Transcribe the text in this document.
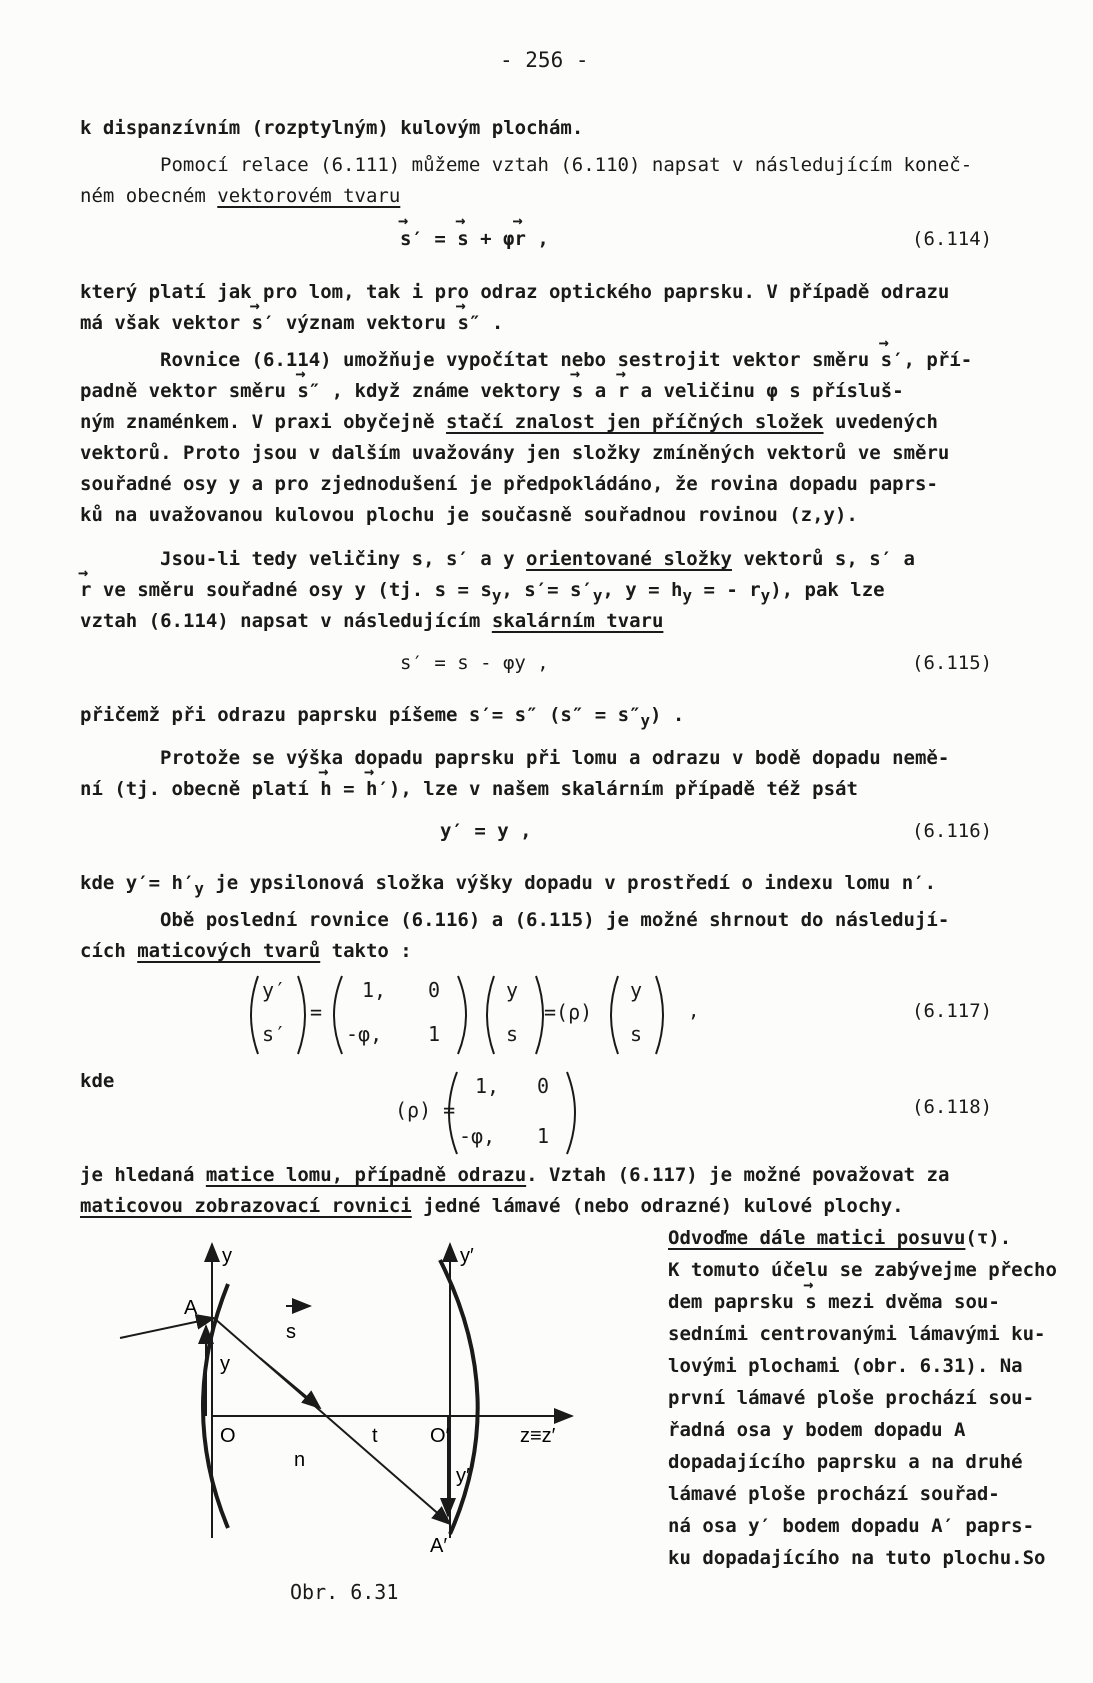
- 256 -
k dispanzívním (rozptylným) kulovým plochám.
Pomocí relace (6.111) můžeme vztah (6.110) napsat v následujícím koneč-
ném obecném vektorovém tvaru
→ s′ = → s + φ→ r ,	(6.114)
který platí jak pro lom, tak i pro odraz optického paprsku. V případě odrazu
má však vektor → s′ význam vektoru → s″ .
Rovnice (6.114) umožňuje vypočítat nebo sestrojit vektor směru → s′, pří-
padně vektor směru → s″ , když známe vektory → s a → r a veličinu φ s přísluš-
ným znaménkem. V praxi obyčejně stačí znalost jen příčných složek uvedených
vektorů. Proto jsou v dalším uvažovány jen složky zmíněných vektorů ve směru
souřadné osy y a pro zjednodušení je předpokládáno, že rovina dopadu paprs-
ků na uvažovanou kulovou plochu je současně souřadnou rovinou (z,y).
Jsou-li tedy veličiny s, s′ a y orientované složky vektorů s, s′ a
→ r ve směru souřadné osy y (tj. $s = s_y$, $s'= s'_y$, $y = h_y$ = - $r_y$), pak lze
vztah (6.114) napsat v následujícím skalárním tvaru
s′ = s - φy ,	(6.115)
přičemž při odrazu paprsku píšeme s′= s″ $(s'' = s''_y)$ .
Protože se výška dopadu paprsku při lomu a odrazu v bodě dopadu nemě-
ní (tj. obecně platí → h = → h′), lze v našem skalárním případě též psát
y′ = y ,	(6.116)
kde $y'= h'_y$ je ypsilonová složka výšky dopadu v prostředí o indexu lomu n′.
Obě poslední rovnice (6.116) a (6.115) je možné shrnout do následují-
cích maticových tvarů takto :
y′
s′
=
1, 0
-φ, 1
y
s
=(ρ)
y
s
,	(6.117)
kde
(ρ) =
1, 0
-φ, 1
(6.118)
je hledaná matice lomu, případně odrazu. Vztah (6.117) je možné považovat za
maticovou zobrazovací rovnici jedné lámavé (nebo odrazné) kulové plochy.
Odvoďme dále matici posuvu(τ).
K tomuto účelu se zabývejme přecho
dem paprsku → s mezi dvěma sou-
sedními centrovanými lámavými ku-
lovými plochami (obr. 6.31). Na
první lámavé ploše prochází sou-
řadná osa y bodem dopadu A
dopadajícího paprsku a na druhé
lámavé ploše prochází souřad-
ná osa y′ bodem dopadu A′ paprs-
ku dopadajícího na tuto plochu.So
y	y′
A
y
O	O′
s
n
t	z≡z′
y′
A′
Obr. 6.31
